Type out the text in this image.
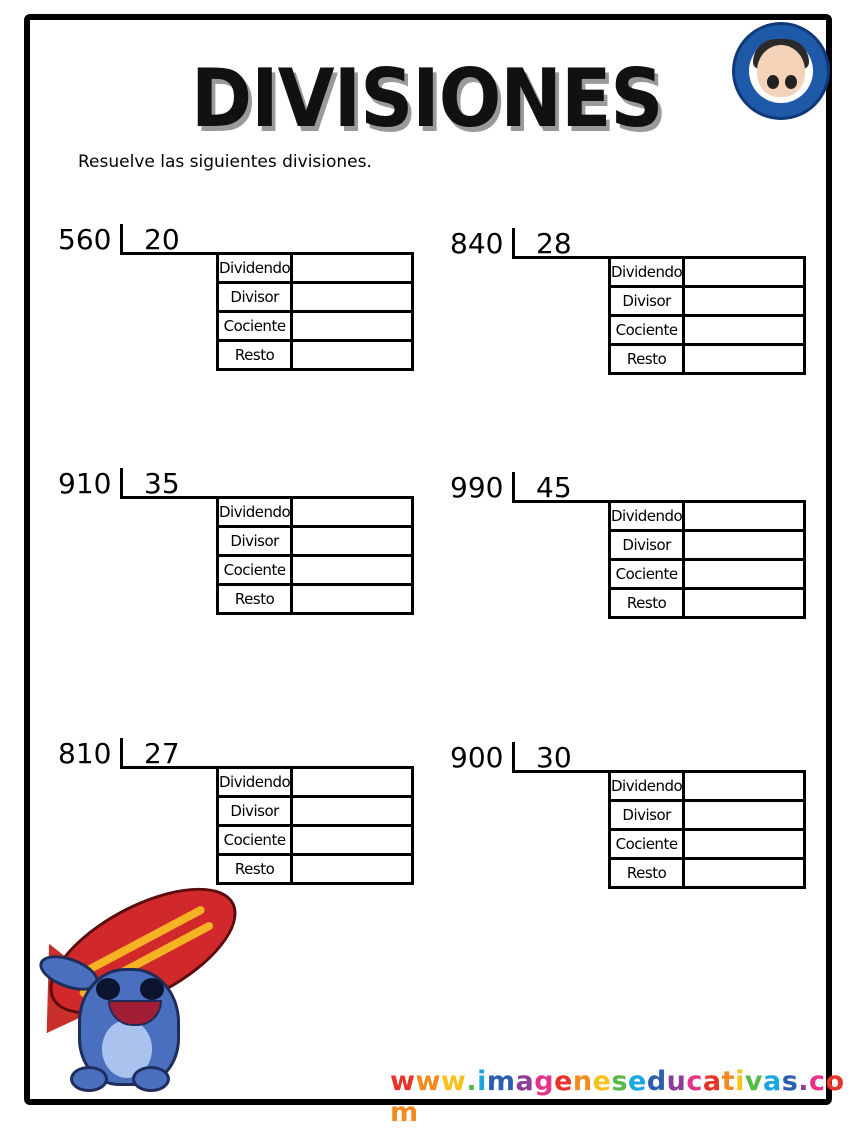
DIVISIONES
Resuelve las siguientes divisiones.
560 20
Dividendo	
Divisor	
Cociente	
Resto	
840 28
Dividendo	
Divisor	
Cociente	
Resto	
910 35
Dividendo	
Divisor	
Cociente	
Resto	
990 45
Dividendo	
Divisor	
Cociente	
Resto	
810 27
Dividendo	
Divisor	
Cociente	
Resto	
900 30
Dividendo	
Divisor	
Cociente	
Resto	
www.imageneseducativas.com
